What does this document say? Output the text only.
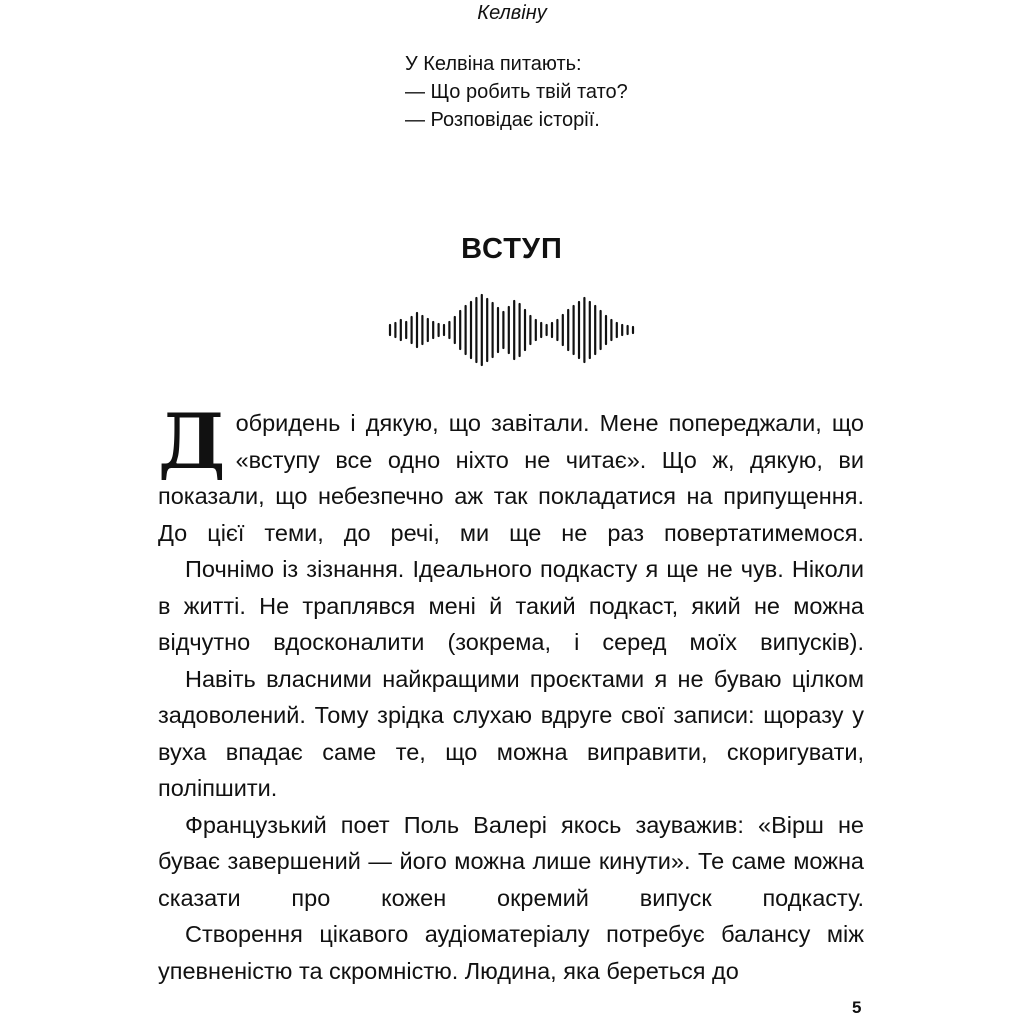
Келвіну
У Келвіна питають:
— Що робить твій тато?
— Розповідає історії.
ВСТУП

Добридень і дякую, що завітали. Мене попереджали, що «вступу все одно ніхто не читає». Що ж, дякую, ви показали, що небезпечно аж так покладатися на припущення. До цієї теми, до речі, ми ще не раз повертатимемося.

Почнімо із зізнання. Ідеального подкасту я ще не чув. Ніколи в житті. Не траплявся мені й такий подкаст, який не можна відчутно вдосконалити (зокрема, і серед моїх випусків).

Навіть власними найкращими проєктами я не буваю цілком задоволений. Тому зрідка слухаю вдруге свої записи: щоразу у вуха впадає саме те, що можна виправити, скоригувати, поліпшити.

Французький поет Поль Валері якось зауважив: «Вірш не буває завершений — його можна лише кинути». Те саме можна сказати про кожен окремий випуск подкасту.

Створення цікавого аудіоматеріалу потребує балансу між упевненістю та скромністю. Людина, яка береться до

5
